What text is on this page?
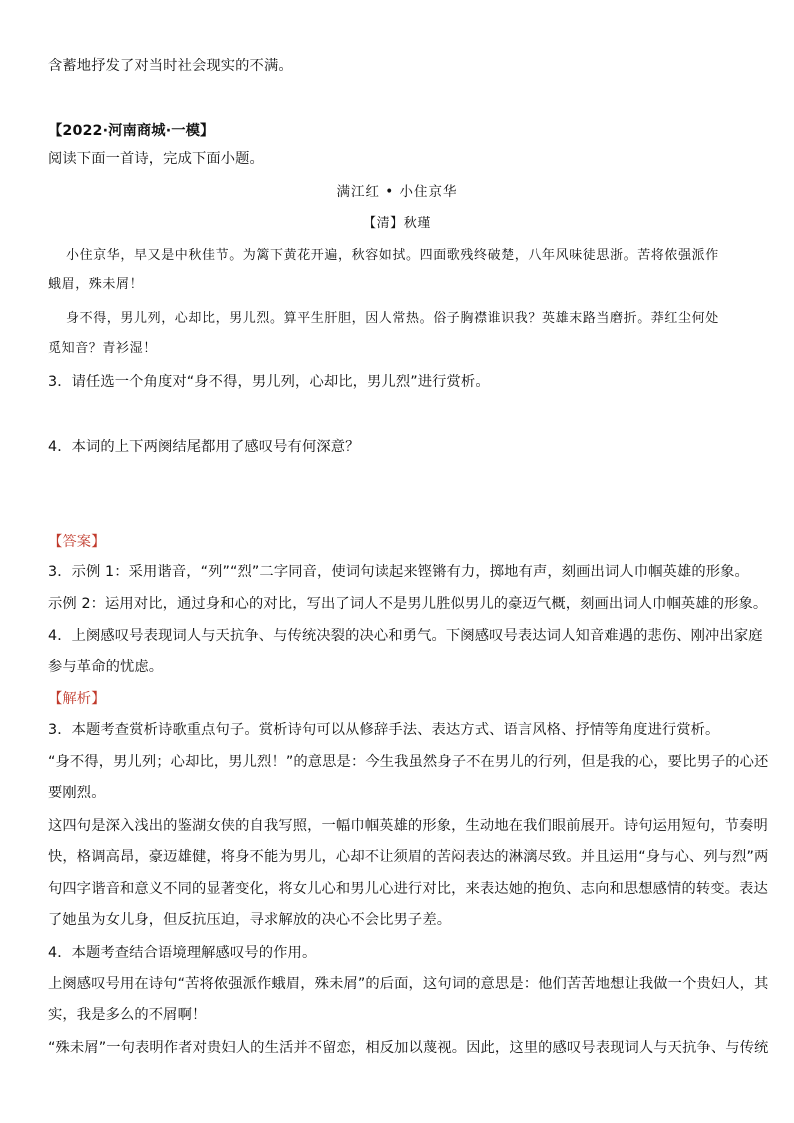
含蓄地抒发了对当时社会现实的不满。
【2022·河南商城·一模】
阅读下面一首诗，完成下面小题。
满江红 • 小住京华
【清】秋瑾
小住京华，早又是中秋佳节。为篱下黄花开遍，秋容如拭。四面歌残终破楚，八年风味徒思浙。苦将侬强派作
蛾眉，殊未屑！
身不得，男儿列，心却比，男儿烈。算平生肝胆，因人常热。俗子胸襟谁识我？英雄末路当磨折。莽红尘何处
觅知音？青衫湿！
3．请任选一个角度对“身不得，男儿列，心却比，男儿烈”进行赏析。
4．本词的上下两阕结尾都用了感叹号有何深意？
【答案】
3．示例 1：采用谐音，“列”“烈”二字同音，使词句读起来铿锵有力，掷地有声，刻画出词人巾帼英雄的形象。
示例 2：运用对比，通过身和心的对比，写出了词人不是男儿胜似男儿的豪迈气概，刻画出词人巾帼英雄的形象。
4．上阕感叹号表现词人与天抗争、与传统决裂的决心和勇气。下阕感叹号表达词人知音难遇的悲伤、刚冲出家庭
参与革命的忧虑。
【解析】
3．本题考查赏析诗歌重点句子。赏析诗句可以从修辞手法、表达方式、语言风格、抒情等角度进行赏析。
“身不得，男儿列；心却比，男儿烈！”的意思是：今生我虽然身子不在男儿的行列，但是我的心，要比男子的心还
要刚烈。
这四句是深入浅出的鉴湖女侠的自我写照，一幅巾帼英雄的形象，生动地在我们眼前展开。诗句运用短句，节奏明
快，格调高昂，豪迈雄健，将身不能为男儿，心却不让须眉的苦闷表达的淋漓尽致。并且运用“身与心、列与烈”两
句四字谐音和意义不同的显著变化，将女儿心和男儿心进行对比，来表达她的抱负、志向和思想感情的转变。表达
了她虽为女儿身，但反抗压迫，寻求解放的决心不会比男子差。
4．本题考查结合语境理解感叹号的作用。
上阕感叹号用在诗句“苦将侬强派作蛾眉，殊未屑”的后面，这句词的意思是：他们苦苦地想让我做一个贵妇人，其
实，我是多么的不屑啊！
“殊未屑”一句表明作者对贵妇人的生活并不留恋，相反加以蔑视。因此，这里的感叹号表现词人与天抗争、与传统
